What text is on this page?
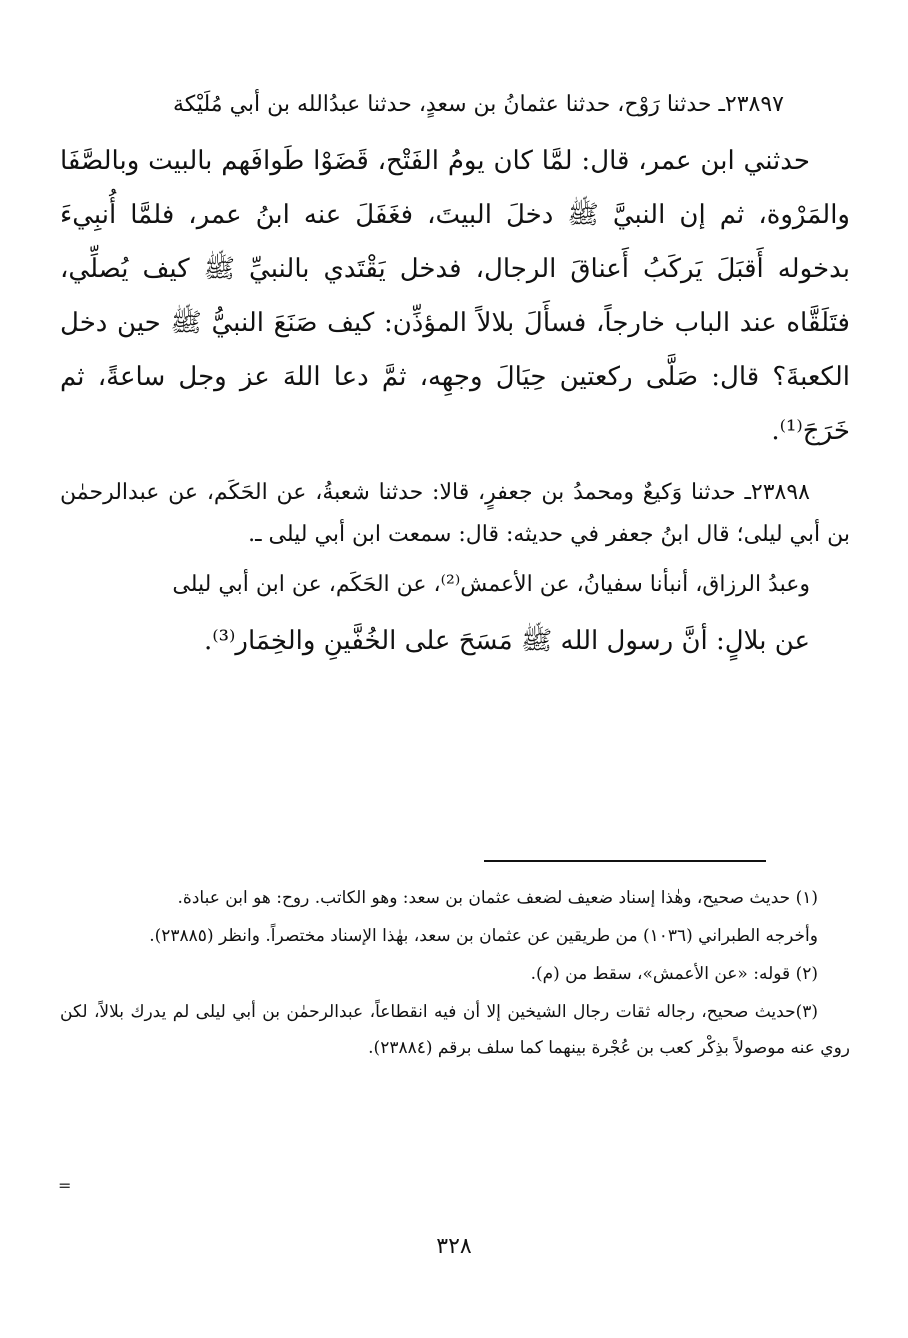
٢٣٨٩٧ـ حدثنا رَوْح، حدثنا عثمانُ بن سعدٍ، حدثنا عبدُالله بن أبي مُلَيْكة

حدثني ابن عمر، قال: لمَّا كان يومُ الفَتْح، قَضَوْا طَوافَهم بالبيت وبالصَّفَا والمَرْوة، ثم إن النبيَّ ﷺ دخلَ البيتَ، فغَفَلَ عنه ابنُ عمر، فلمَّا أُنبِيءَ بدخوله أَقبَلَ يَركَبُ أَعناقَ الرجال، فدخل يَقْتَدي بالنبيِّ ﷺ كيف يُصلِّي، فتَلَقَّاه عند الباب خارجاً، فسأَلَ بلالاً المؤذِّن: كيف صَنَعَ النبيُّ ﷺ حين دخل الكعبةَ؟ قال: صَلَّى ركعتين حِيَالَ وجهِه، ثمَّ دعا اللهَ عز وجل ساعةً، ثم خَرَجَ⁽¹⁾.

٢٣٨٩٨ـ حدثنا وَكيعٌ ومحمدُ بن جعفرٍ، قالا: حدثنا شعبةُ، عن الحَكَم، عن عبدالرحمٰن بن أبي ليلى؛ قال ابنُ جعفر في حديثه: قال: سمعت ابن أبي ليلى ـ.

وعبدُ الرزاق، أنبأنا سفيانُ، عن الأعمش⁽²⁾، عن الحَكَم، عن ابن أبي ليلى

عن بلالٍ: أنَّ رسول الله ﷺ مَسَحَ على الخُفَّينِ والخِمَار⁽³⁾.

(١) حديث صحيح، وهٰذا إسناد ضعيف لضعف عثمان بن سعد: وهو الكاتب. روح: هو ابن عبادة.

وأخرجه الطبراني (١٠٣٦) من طريقين عن عثمان بن سعد، بهٰذا الإسناد مختصراً. وانظر (٢٣٨٨٥).

(٢) قوله: «عن الأعمش»، سقط من (م).

(٣)حديث صحيح، رجاله ثقات رجال الشيخين إلا أن فيه انقطاعاً، عبدالرحمٰن بن أبي ليلى لم يدرك بلالاً، لكن روي عنه موصولاً بذِكْر كعب بن عُجْرة بينهما كما سلف برقم (٢٣٨٨٤).

=
٣٢٨
